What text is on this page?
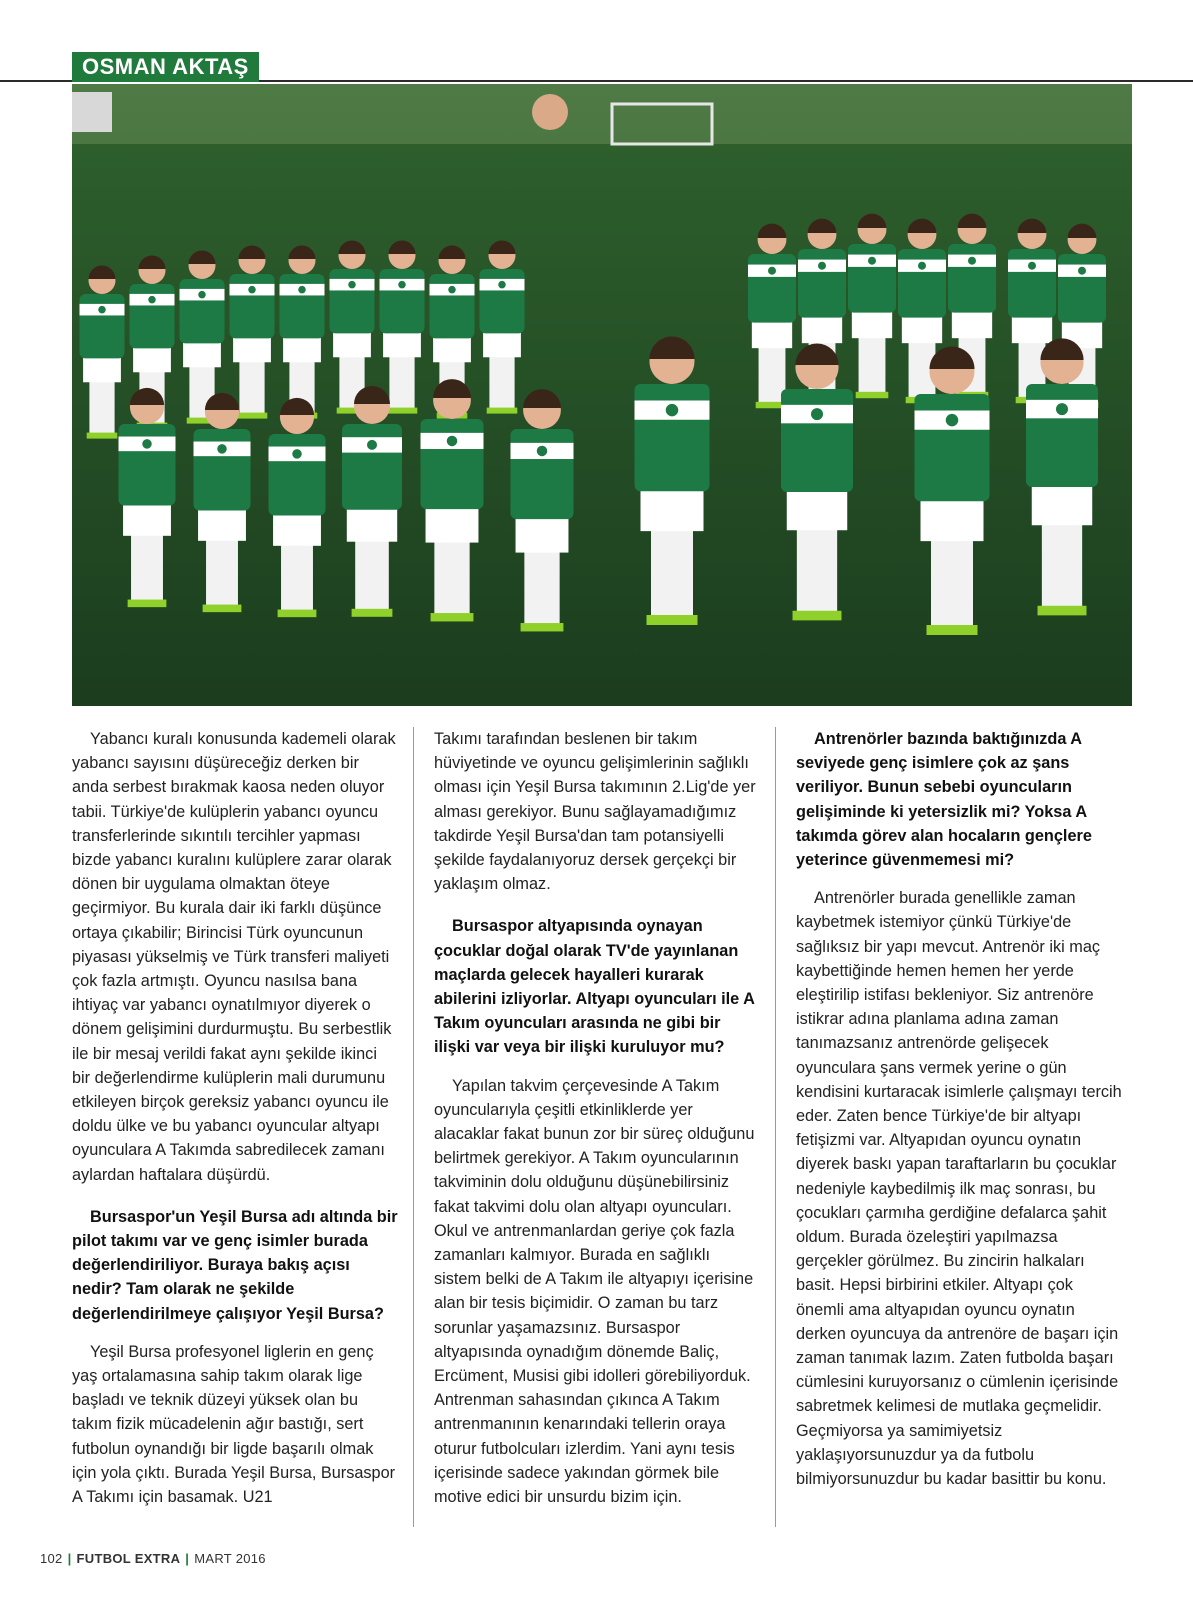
OSMAN AKTAŞ

Yabancı kuralı konusunda kademeli olarak yabancı sayısını düşüreceğiz derken bir anda serbest bırakmak kaosa neden oluyor tabii. Türkiye'de kulüplerin yabancı oyuncu transferlerinde sıkıntılı tercihler yapması bizde yabancı kuralını kulüplere zarar olarak dönen bir uygulama olmaktan öteye geçirmiyor. Bu kurala dair iki farklı düşünce ortaya çıkabilir; Birincisi Türk oyuncunun piyasası yükselmiş ve Türk transferi maliyeti çok fazla artmıştı. Oyuncu nasılsa bana ihtiyaç var yabancı oynatılmıyor diyerek o dönem gelişimini durdurmuştu. Bu serbestlik ile bir mesaj verildi fakat aynı şekilde ikinci bir değerlendirme kulüplerin mali durumunu etkileyen birçok gereksiz yabancı oyuncu ile doldu ülke ve bu yabancı oyuncular altyapı oyunculara A Takımda sabredilecek zamanı aylardan haftalara düşürdü.

Bursaspor'un Yeşil Bursa adı altında bir pilot takımı var ve genç isimler burada değerlendiriliyor. Buraya bakış açısı nedir? Tam olarak ne şekilde değerlendirilmeye çalışıyor Yeşil Bursa?

Yeşil Bursa profesyonel liglerin en genç yaş ortalamasına sahip takım olarak lige başladı ve teknik düzeyi yüksek olan bu takım fizik mücadelenin ağır bastığı, sert futbolun oynandığı bir ligde başarılı olmak için yola çıktı. Burada Yeşil Bursa, Bursaspor A Takımı için basamak. U21

Takımı tarafından beslenen bir takım hüviyetinde ve oyuncu gelişimlerinin sağlıklı olması için Yeşil Bursa takımının 2.Lig'de yer alması gerekiyor. Bunu sağlayamadığımız takdirde Yeşil Bursa'dan tam potansiyelli şekilde faydalanıyoruz dersek gerçekçi bir yaklaşım olmaz.

Bursaspor altyapısında oynayan çocuklar doğal olarak TV'de yayınlanan maçlarda gelecek hayalleri kurarak abilerini izliyorlar. Altyapı oyuncuları ile A Takım oyuncuları arasında ne gibi bir ilişki var veya bir ilişki kuruluyor mu?

Yapılan takvim çerçevesinde A Takım oyuncularıyla çeşitli etkinliklerde yer alacaklar fakat bunun zor bir süreç olduğunu belirtmek gerekiyor. A Takım oyuncularının takviminin dolu olduğunu düşünebilirsiniz fakat takvimi dolu olan altyapı oyuncuları. Okul ve antrenmanlardan geriye çok fazla zamanları kalmıyor. Burada en sağlıklı sistem belki de A Takım ile altyapıyı içerisine alan bir tesis biçimidir. O zaman bu tarz sorunlar yaşamazsınız. Bursaspor altyapısında oynadığım dönemde Baliç, Ercüment, Musisi gibi idolleri görebiliyorduk. Antrenman sahasından çıkınca A Takım antrenmanının kenarındaki tellerin oraya oturur futbolcuları izlerdim. Yani aynı tesis içerisinde sadece yakından görmek bile motive edici bir unsurdu bizim için.

Antrenörler bazında baktığınızda A seviyede genç isimlere çok az şans veriliyor. Bunun sebebi oyuncuların gelişiminde ki yetersizlik mi? Yoksa A takımda görev alan hocaların gençlere yeterince güvenmemesi mi?

Antrenörler burada genellikle zaman kaybetmek istemiyor çünkü Türkiye'de sağlıksız bir yapı mevcut. Antrenör iki maç kaybettiğinde hemen hemen her yerde eleştirilip istifası bekleniyor. Siz antrenöre istikrar adına planlama adına zaman tanımazsanız antrenörde gelişecek oyunculara şans vermek yerine o gün kendisini kurtaracak isimlerle çalışmayı tercih eder. Zaten bence Türkiye'de bir altyapı fetişizmi var. Altyapıdan oyuncu oynatın diyerek baskı yapan taraftarların bu çocuklar nedeniyle kaybedilmiş ilk maç sonrası, bu çocukları çarmıha gerdiğine defalarca şahit oldum. Burada özeleştiri yapılmazsa gerçekler görülmez. Bu zincirin halkaları basit. Hepsi birbirini etkiler. Altyapı çok önemli ama altyapıdan oyuncu oynatın derken oyuncuya da antrenöre de başarı için zaman tanımak lazım. Zaten futbolda başarı cümlesini kuruyorsanız o cümlenin içerisinde sabretmek kelimesi de mutlaka geçmelidir. Geçmiyorsa ya samimiyetsiz yaklaşıyorsunuzdur ya da futbolu bilmiyorsunuzdur bu kadar basittir bu konu.

102 | FUTBOL EXTRA | MART 2016
